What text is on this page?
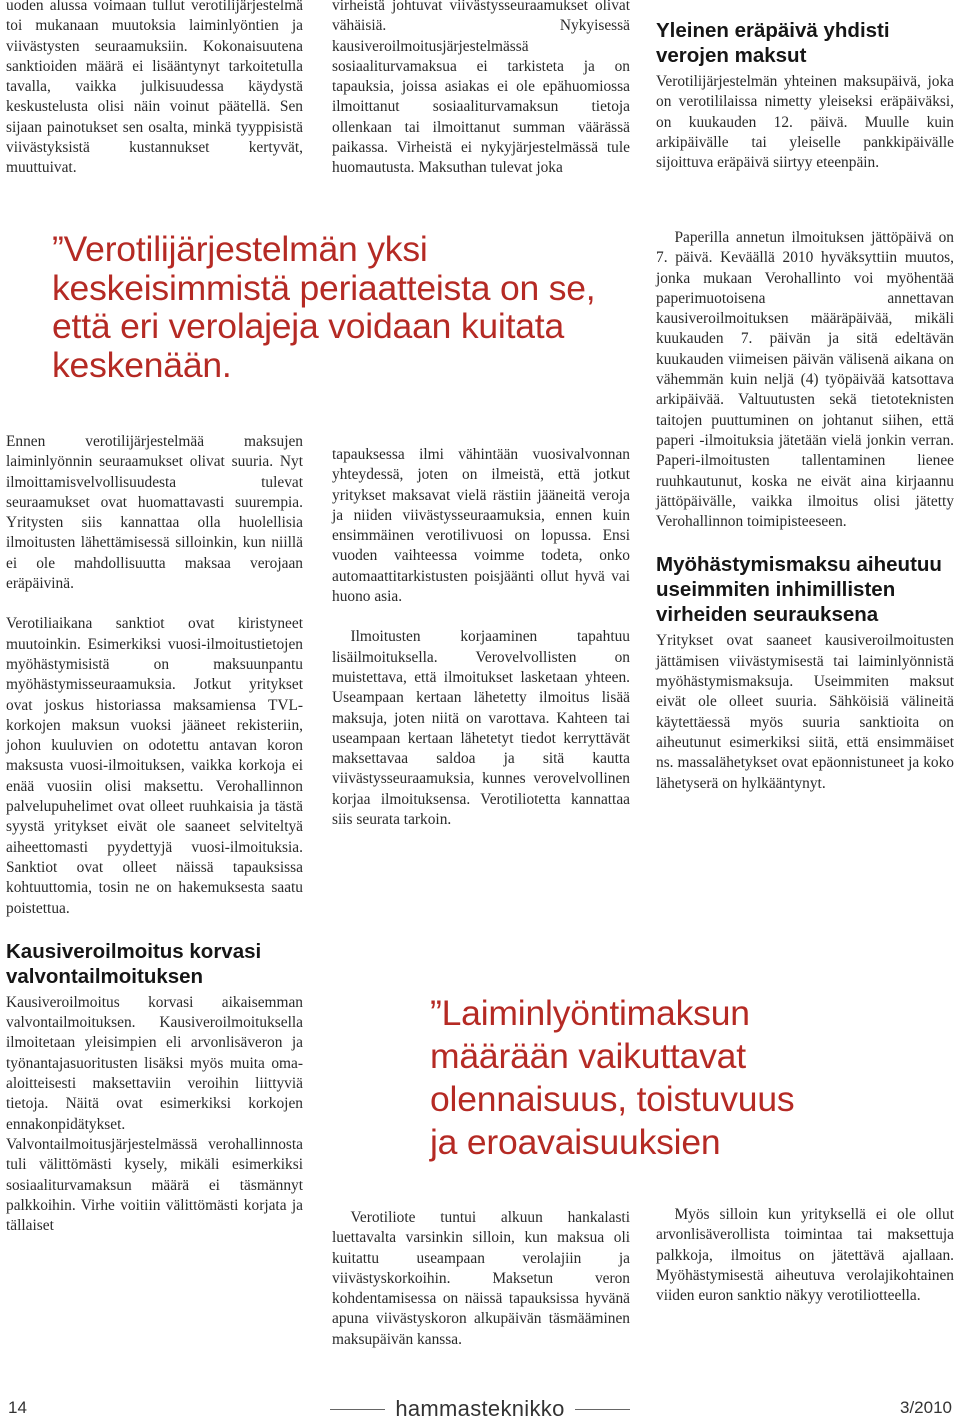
uoden alussa voimaan tullut verotilijärjestelmä toi mukanaan muutoksia laiminlyöntien ja viivästysten seuraamuksiin. Kokonaisuutena sanktioiden määrä ei lisääntynyt tarkoitetulla tavalla, vaikka julkisuudessa käydystä keskustelusta olisi näin voinut päätellä. Sen sijaan painotukset sen osalta, minkä tyyppisistä viivästyksistä kustannukset kertyvät, muuttuivat.

Ennen verotilijärjestelmää maksujen laiminlyönnin seuraamukset olivat suuria. Nyt ilmoittamisvelvollisuudesta tulevat seuraamukset ovat huomattavasti suurempia. Yritysten siis kannattaa olla huolellisia ilmoitusten lähettämisessä silloinkin, kun niillä ei ole mahdollisuutta maksaa verojaan eräpäivinä.

Verotiliaikana sanktiot ovat kiristyneet muutoinkin. Esimerkiksi vuosi-ilmoitustietojen myöhästymisistä on maksuunpantu myöhästymisseuraamuksia. Jotkut yritykset ovat joskus historiassa maksamiensa TVL-korkojen maksun vuoksi jääneet rekisteriin, johon kuuluvien on odotettu antavan koron maksusta vuosi-ilmoituksen, vaikka korkoja ei enää vuosiin olisi maksettu. Verohallinnon palvelupuhelimet ovat olleet ruuhkaisia ja tästä syystä yritykset eivät ole saaneet selviteltyä aiheettomasti pyydettyjä vuosi-ilmoituksia. Sanktiot ovat olleet näissä tapauksissa kohtuuttomia, tosin ne on hakemuksesta saatu poistettua.

Kausiveroilmoitus korvasi valvontailmoituksen

Kausiveroilmoitus korvasi aikaisemman valvontailmoituksen. Kausiveroilmoituksella ilmoitetaan yleisimpien eli arvonlisäveron ja työnantajasuoritusten lisäksi myös muita oma-aloitteisesti maksettaviin veroihin liittyviä tietoja. Näitä ovat esimerkiksi korkojen ennakonpidätykset. Valvontailmoitusjärjestelmässä verohallinnosta tuli välittömästi kysely, mikäli esimerkiksi sosiaaliturvamaksun määrä ei täsmännyt palkkoihin. Virhe voitiin välittömästi korjata ja tällaiset

virheistä johtuvat viivästysseuraamukset olivat vähäisiä. Nykyisessä kausiveroilmoitusjärjestelmässä sosiaaliturvamaksua ei tarkisteta ja on tapauksia, joissa asiakas ei ole epähuomiossa ilmoittanut sosiaaliturvamaksun tietoja ollenkaan tai ilmoittanut summan väärässä paikassa. Virheistä ei nykyjärjestelmässä tule huomautusta. Maksuthan tulevat joka

tapauksessa ilmi vähintään vuosivalvonnan yhteydessä, joten on ilmeistä, että jotkut yritykset maksavat vielä rästiin jääneitä veroja ja niiden viivästysseuraamuksia, ennen kuin ensimmäinen verotilivuosi on lopussa. Ensi vuoden vaihteessa voimme todeta, onko automaattitarkistusten poisjäänti ollut hyvä vai huono asia.

Ilmoitusten korjaaminen tapahtuu lisäilmoituksella. Verovelvollisten on muistettava, että ilmoitukset lasketaan yhteen. Useampaan kertaan lähetetty ilmoitus lisää maksuja, joten niitä on varottava. Kahteen tai useampaan kertaan lähetetyt tiedot kerryttävät maksettavaa saldoa ja sitä kautta viivästysseuraamuksia, kunnes verovelvollinen korjaa ilmoituksensa. Verotiliotetta kannattaa siis seurata tarkoin.

Verotiliote tuntui alkuun hankalasti luettavalta varsinkin silloin, kun maksua oli kuitattu useampaan verolajiin ja viivästyskorkoihin. Maksetun veron kohdentamisessa on näissä tapauksissa hyvänä apuna viivästyskoron alkupäivän täsmääminen maksupäivän kanssa.

Yleinen eräpäivä yhdisti verojen maksut

Verotilijärjestelmän yhteinen maksupäivä, joka on verotililaissa nimetty yleiseksi eräpäiväksi, on kuukauden 12. päivä. Muulle kuin arkipäivälle tai yleiselle pankkipäivälle sijoittuva eräpäivä siirtyy eteenpäin.

Paperilla annetun ilmoituksen jättöpäivä on 7. päivä. Keväällä 2010 hyväksyttiin muutos, jonka mukaan Verohallinto voi myöhentää paperimuotoisena annettavan kausiveroilmoituksen määräpäivää, mikäli kuukauden 7. päivän ja sitä edeltävän kuukauden viimeisen päivän välisenä aikana on vähemmän kuin neljä (4) työpäivää katsottava arkipäivää. Valtuutusten sekä tietoteknisten taitojen puuttuminen on johtanut siihen, että paperi -ilmoituksia jätetään vielä jonkin verran. Paperi-ilmoitusten tallentaminen lienee ruuhkautunut, koska ne eivät aina kirjaannu jättöpäivälle, vaikka ilmoitus olisi jätetty Verohallinnon toimipisteeseen.

Myöhästymismaksu aiheutuu useimmiten inhimillisten virheiden seurauksena

Yritykset ovat saaneet kausiveroilmoitusten jättämisen viivästymisestä tai laiminlyönnistä myöhästymismaksuja. Useimmiten maksut eivät ole olleet suuria. Sähköisiä välineitä käytettäessä myös suuria sanktioita on aiheutunut esimerkiksi siitä, että ensimmäiset ns. massalähetykset ovat epäonnistuneet ja koko lähetyserä on hylkääntynyt.

Myös silloin kun yrityksellä ei ole ollut arvonlisäverollista toimintaa tai maksettuja palkkoja, ilmoitus on jätettävä ajallaan. Myöhästymisestä aiheutuva verolajikohtainen viiden euron sanktio näkyy verotiliotteella.

”Verotilijärjestelmän yksi keskeisimmistä periaatteista on se, että eri verolajeja voidaan kuitata keskenään.
”Laiminlyöntimaksun määrään vaikuttavat olennaisuus, toistuvuus ja eroavaisuuksien
14	hammasteknikko	3/2010
